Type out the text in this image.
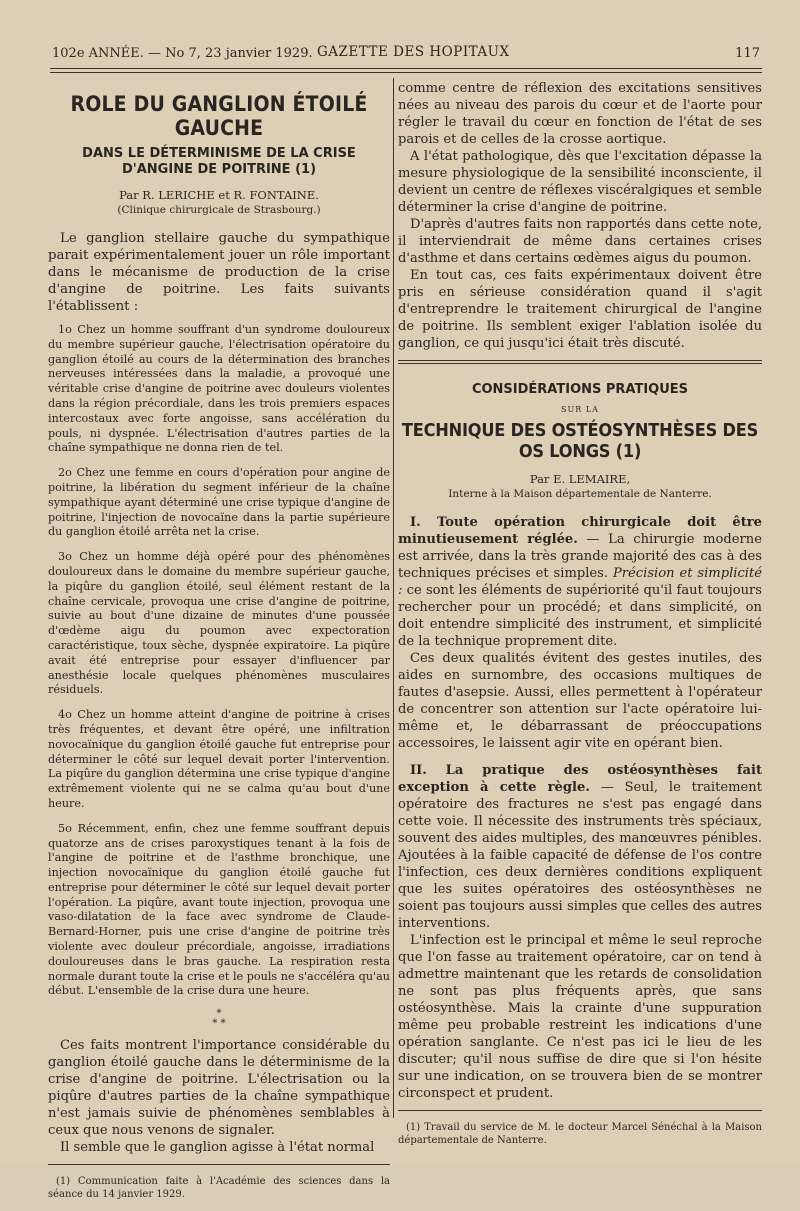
102e ANNÉE. — No 7, 23 janvier 1929. GAZETTE DES HOPITAUX	117
ROLE DU GANGLION ÉTOILÉ GAUCHE

DANS LE DÉTERMINISME DE LA CRISE D'ANGINE DE POITRINE (1)

Par R. LERICHE et R. FONTAINE.

(Clinique chirurgicale de Strasbourg.)

Le ganglion stellaire gauche du sympathique parait expérimentalement jouer un rôle important dans le mécanisme de production de la crise d'angine de poitrine. Les faits suivants l'établissent :

1o Chez un homme souffrant d'un syndrome douloureux du membre supérieur gauche, l'électrisation opératoire du ganglion étoilé au cours de la détermination des branches nerveuses intéressées dans la maladie, a provoqué une véritable crise d'angine de poitrine avec douleurs violentes dans la région précordiale, dans les trois premiers espaces intercostaux avec forte angoisse, sans accélération du pouls, ni dyspnée. L'électrisation d'autres parties de la chaîne sympathique ne donna rien de tel.

2o Chez une femme en cours d'opération pour angine de poitrine, la libération du segment inférieur de la chaîne sympathique ayant déterminé une crise typique d'angine de poitrine, l'injection de novocaïne dans la partie supérieure du ganglion étoilé arrêta net la crise.

3o Chez un homme déjà opéré pour des phénomènes douloureux dans le domaine du membre supérieur gauche, la piqûre du ganglion étoilé, seul élément restant de la chaîne cervicale, provoqua une crise d'angine de poitrine, suivie au bout d'une dizaine de minutes d'une poussée d'œdème aigu du poumon avec expectoration caractéristique, toux sèche, dyspnée expiratoire. La piqûre avait été entreprise pour essayer d'influencer par anesthésie locale quelques phénomènes musculaires résiduels.

4o Chez un homme atteint d'angine de poitrine à crises très fréquentes, et devant être opéré, une infiltration novocaïnique du ganglion étoilé gauche fut entreprise pour déterminer le côté sur lequel devait porter l'intervention. La piqûre du ganglion détermina une crise typique d'angine extrêmement violente qui ne se calma qu'au bout d'une heure.

5o Récemment, enfin, chez une femme souffrant depuis quatorze ans de crises paroxystiques tenant à la fois de l'angine de poitrine et de l'asthme bronchique, une injection novocaïnique du ganglion étoilé gauche fut entreprise pour déterminer le côté sur lequel devait porter l'opération. La piqûre, avant toute injection, provoqua une vaso-dilatation de la face avec syndrome de Claude-Bernard-Horner, puis une crise d'angine de poitrine très violente avec douleur précordiale, angoisse, irradiations douloureuses dans le bras gauche. La respiration resta normale durant toute la crise et le pouls ne s'accéléra qu'au début. L'ensemble de la crise dura une heure.

*
* *

Ces faits montrent l'importance considérable du ganglion étoilé gauche dans le déterminisme de la crise d'angine de poitrine. L'électrisation ou la piqûre d'autres parties de la chaîne sympathique n'est jamais suivie de phénomènes semblables à ceux que nous venons de signaler.

Il semble que le ganglion agisse à l'état normal

(1) Communication faite à l'Académie des sciences dans la séance du 14 janvier 1929.

comme centre de réflexion des excitations sensitives nées au niveau des parois du cœur et de l'aorte pour régler le travail du cœur en fonction de l'état de ses parois et de celles de la crosse aortique.

A l'état pathologique, dès que l'excitation dépasse la mesure physiologique de la sensibilité inconsciente, il devient un centre de réflexes viscéralgiques et semble déterminer la crise d'angine de poitrine.

D'après d'autres faits non rapportés dans cette note, il interviendrait de même dans certaines crises d'asthme et dans certains œdèmes aigus du poumon.

En tout cas, ces faits expérimentaux doivent être pris en sérieuse considération quand il s'agit d'entreprendre le traitement chirurgical de l'angine de poitrine. Ils semblent exiger l'ablation isolée du ganglion, ce qui jusqu'ici était très discuté.

CONSIDÉRATIONS PRATIQUES

SUR LA

TECHNIQUE DES OSTÉOSYNTHÈSES DES OS LONGS (1)

Par E. LEMAIRE,

Interne à la Maison départementale de Nanterre.

I. Toute opération chirurgicale doit être minutieusement réglée. — La chirurgie moderne est arrivée, dans la très grande majorité des cas à des techniques précises et simples. Précision et simplicité : ce sont les éléments de supériorité qu'il faut toujours rechercher pour un procédé; et dans simplicité, on doit entendre simplicité des instrument, et simplicité de la technique proprement dite.

Ces deux qualités évitent des gestes inutiles, des aides en surnombre, des occasions multiques de fautes d'asepsie. Aussi, elles permettent à l'opérateur de concentrer son attention sur l'acte opératoire lui-même et, le débarrassant de préoccupations accessoires, le laissent agir vite en opérant bien.

II. La pratique des ostéosynthèses fait exception à cette règle. — Seul, le traitement opératoire des fractures ne s'est pas engagé dans cette voie. Il nécessite des instruments très spéciaux, souvent des aides multiples, des manœuvres pénibles. Ajoutées à la faible capacité de défense de l'os contre l'infection, ces deux dernières conditions expliquent que les suites opératoires des ostéosynthèses ne soient pas toujours aussi simples que celles des autres interventions.

L'infection est le principal et même le seul reproche que l'on fasse au traitement opératoire, car on tend à admettre maintenant que les retards de consolidation ne sont pas plus fréquents après, que sans ostéosynthèse. Mais la crainte d'une suppuration même peu probable restreint les indications d'une opération sanglante. Ce n'est pas ici le lieu de les discuter; qu'il nous suffise de dire que si l'on hésite sur une indication, on se trouvera bien de se montrer circonspect et prudent.

(1) Travail du service de M. le docteur Marcel Sénéchal à la Maison départementale de Nanterre.
